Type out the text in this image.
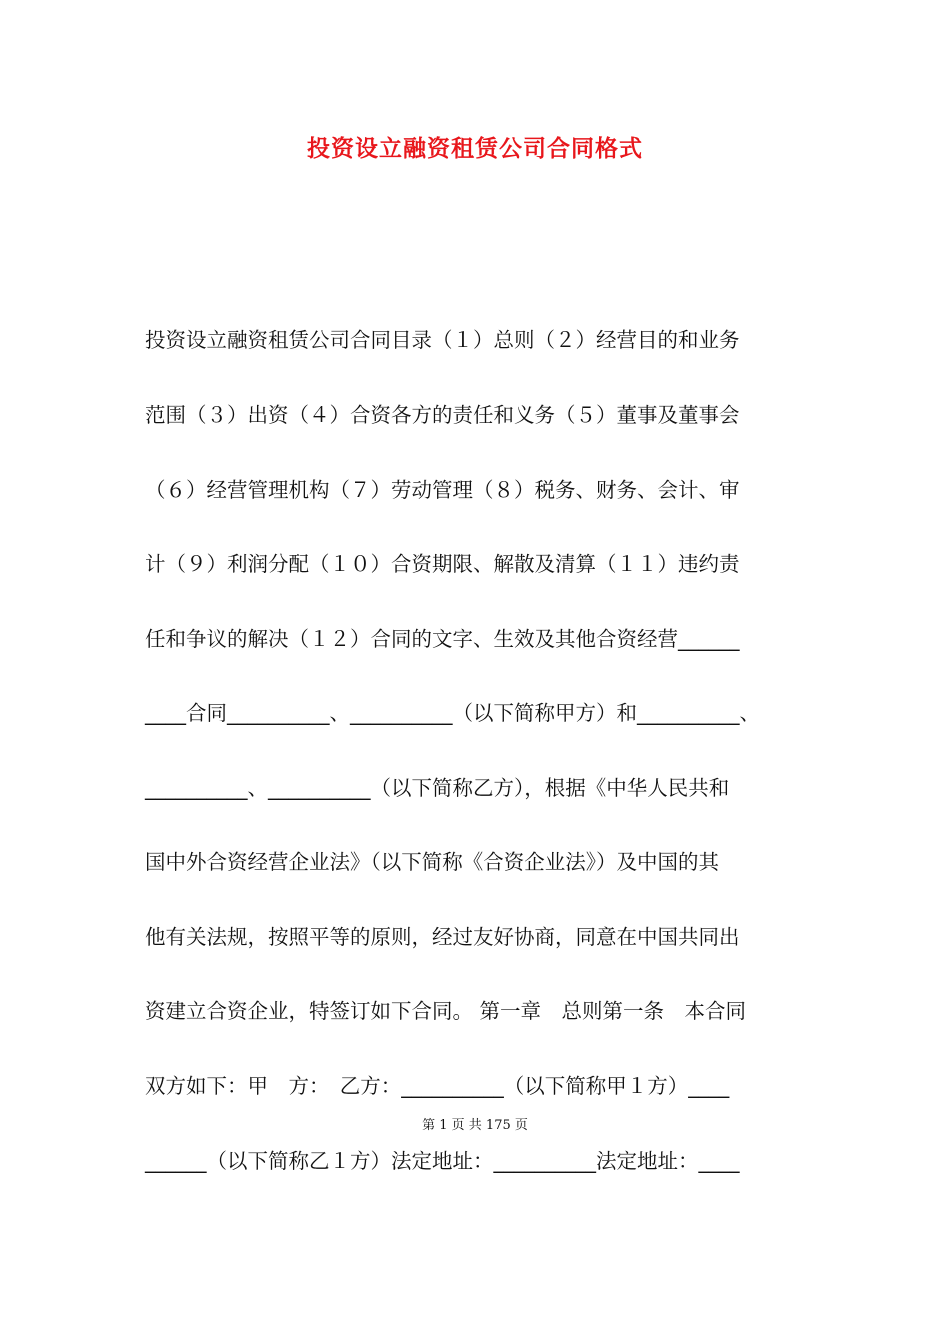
投资设立融资租赁公司合同格式
投资设立融资租赁公司合同目录（１）总则（２）经营目的和业务
范围（３）出资（４）合资各方的责任和义务（５）董事及董事会
（６）经营管理机构（７）劳动管理（８）税务、财务、会计、审
计（９）利润分配（１０）合资期限、解散及清算（１１）违约责
任和争议的解决（１２）合同的文字、生效及其他合资经营______
____合同__________、__________（以下简称甲方）和__________、
__________、__________（以下简称乙方），根据《中华人民共和
国中外合资经营企业法》（以下简称《合资企业法》）及中国的其
他有关法规，按照平等的原则，经过友好协商，同意在中国共同出
资建立合资企业，特签订如下合同。 第一章　总则第一条　本合同
双方如下：甲　方：　乙方：__________（以下简称甲１方）____
______（以下简称乙１方）法定地址：__________法定地址：____
第 1 页 共 175 页
